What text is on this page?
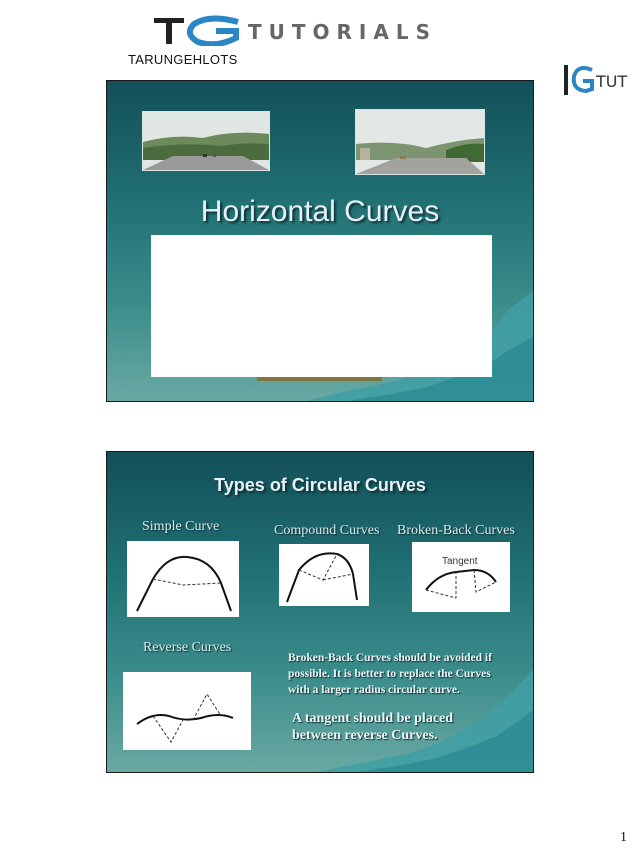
TUTORIALS
TARUNGEHLOTS
TUT
Horizontal Curves
Types of Circular Curves
Simple Curve	Compound Curves Broken-Back Curves
Reverse Curves
Tangent
Broken-Back Curves should be avoided if possible. It is better to replace the Curves with a larger radius circular curve.
A tangent should be placed between reverse Curves.
1
